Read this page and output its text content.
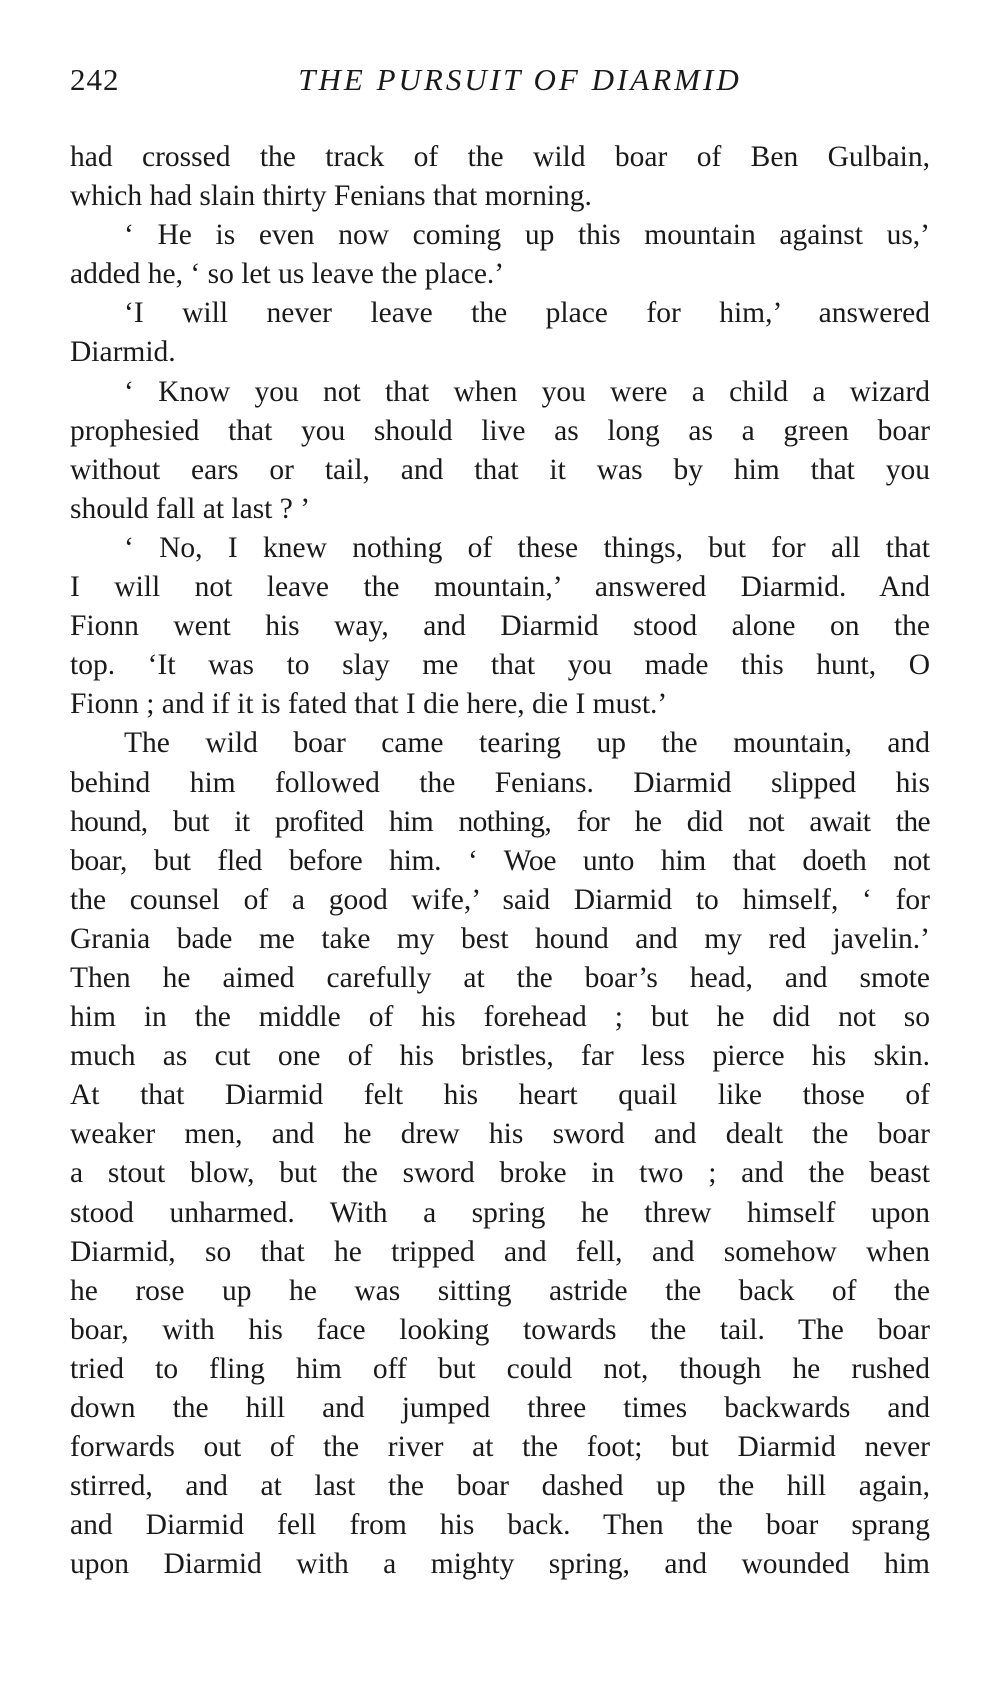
242	THE PURSUIT OF DIARMID
had crossed the track of the wild boar of Ben Gulbain,
which had slain thirty Fenians that morning.
‘ He is even now coming up this mountain against us,’
added he, ‘ so let us leave the place.’
‘I will never leave the place for him,’ answered
Diarmid.
‘ Know you not that when you were a child a wizard
prophesied that you should live as long as a green boar
without ears or tail, and that it was by him that you
should fall at last ? ’
‘ No, I knew nothing of these things, but for all that
I will not leave the mountain,’ answered Diarmid. And
Fionn went his way, and Diarmid stood alone on the
top. ‘It was to slay me that you made this hunt, O
Fionn ; and if it is fated that I die here, die I must.’
The wild boar came tearing up the mountain, and
behind him followed the Fenians. Diarmid slipped his
hound, but it profited him nothing, for he did not await the
boar, but fled before him. ‘ Woe unto him that doeth not
the counsel of a good wife,’ said Diarmid to himself, ‘ for
Grania bade me take my best hound and my red javelin.’
Then he aimed carefully at the boar’s head, and smote
him in the middle of his forehead ; but he did not so
much as cut one of his bristles, far less pierce his skin.
At that Diarmid felt his heart quail like those of
weaker men, and he drew his sword and dealt the boar
a stout blow, but the sword broke in two ; and the beast
stood unharmed. With a spring he threw himself upon
Diarmid, so that he tripped and fell, and somehow when
he rose up he was sitting astride the back of the
boar, with his face looking towards the tail. The boar
tried to fling him off but could not, though he rushed
down the hill and jumped three times backwards and
forwards out of the river at the foot; but Diarmid never
stirred, and at last the boar dashed up the hill again,
and Diarmid fell from his back. Then the boar sprang
upon Diarmid with a mighty spring, and wounded him
